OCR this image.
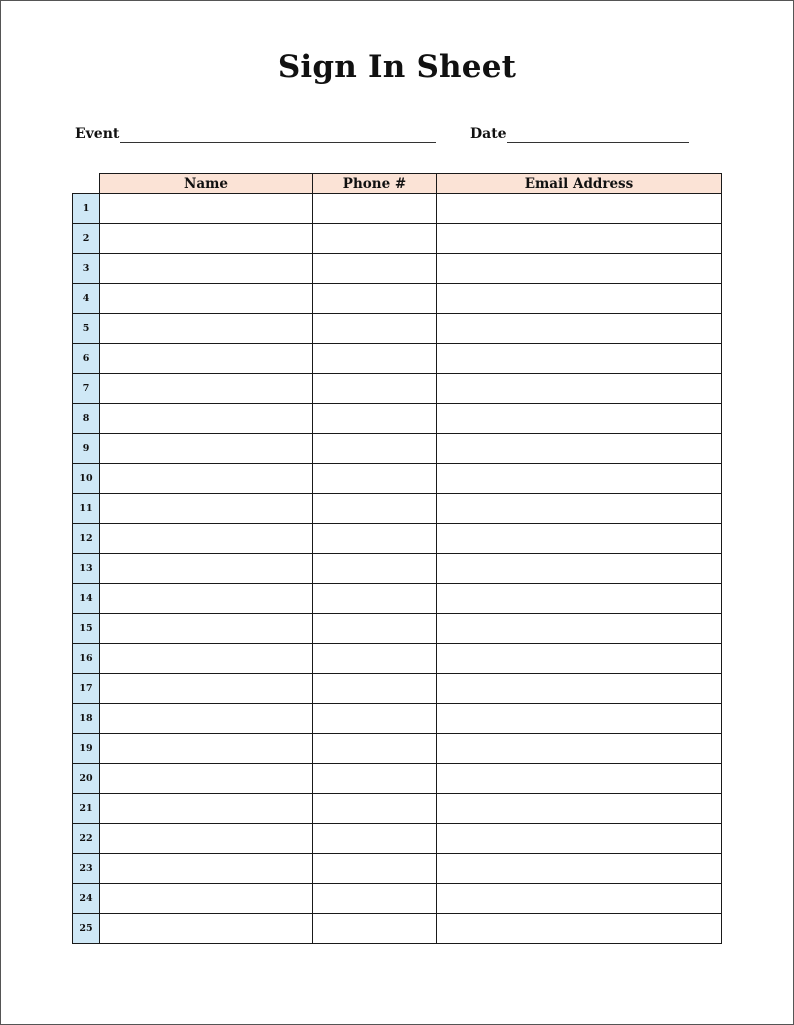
Sign In Sheet
Event	Date
	Name	Phone #	Email Address
1			
2			
3			
4			
5			
6			
7			
8			
9			
10			
11			
12			
13			
14			
15			
16			
17			
18			
19			
20			
21			
22			
23			
24			
25			
